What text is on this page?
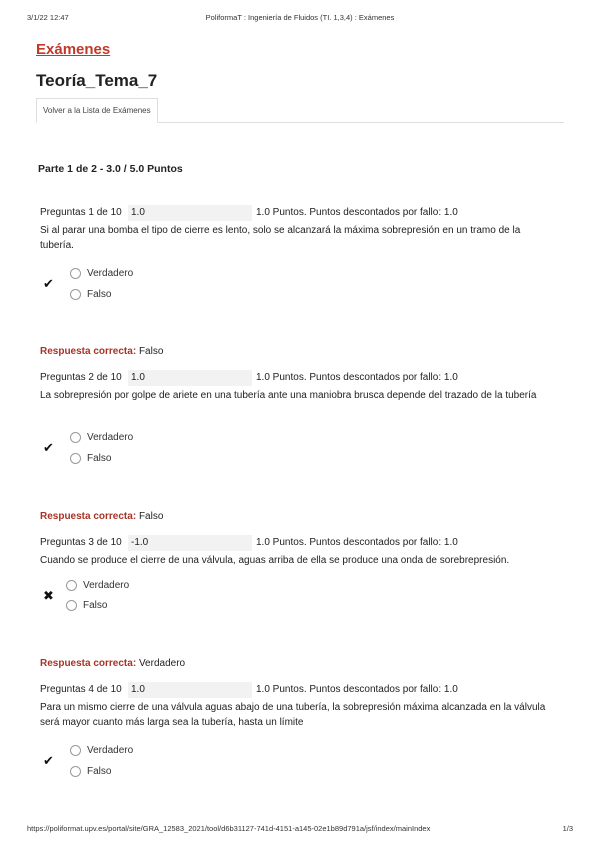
3/1/22 12:47	PoliformaT : Ingeniería de Fluidos (TI. 1,3,4) : Exámenes
Exámenes
Teoría_Tema_7
Volver a la Lista de Exámenes
Parte 1 de 2 - 3.0 / 5.0 Puntos
Preguntas 1 de 10 1.0	1.0 Puntos. Puntos descontados por fallo: 1.0
Si al parar una bomba el tipo de cierre es lento, solo se alcanzará la máxima sobrepresión en un tramo de la tubería.
✔
Verdadero
Falso
Respuesta correcta: Falso
Preguntas 2 de 10 1.0	1.0 Puntos. Puntos descontados por fallo: 1.0
La sobrepresión por golpe de ariete en una tubería ante una maniobra brusca depende del trazado de la tubería
✔
Verdadero
Falso
Respuesta correcta: Falso
Preguntas 3 de 10 -1.0	1.0 Puntos. Puntos descontados por fallo: 1.0
Cuando se produce el cierre de una válvula, aguas arriba de ella se produce una onda de sorebrepresión.
✖
Verdadero
Falso
Respuesta correcta: Verdadero
Preguntas 4 de 10 1.0	1.0 Puntos. Puntos descontados por fallo: 1.0
Para un mismo cierre de una válvula aguas abajo de una tubería, la sobrepresión máxima alcanzada en la válvula será mayor cuanto más larga sea la tubería, hasta un límite
✔
Verdadero
Falso
https://poliformat.upv.es/portal/site/GRA_12583_2021/tool/d6b31127-741d-4151-a145-02e1b89d791a/jsf/index/mainIndex	1/3
